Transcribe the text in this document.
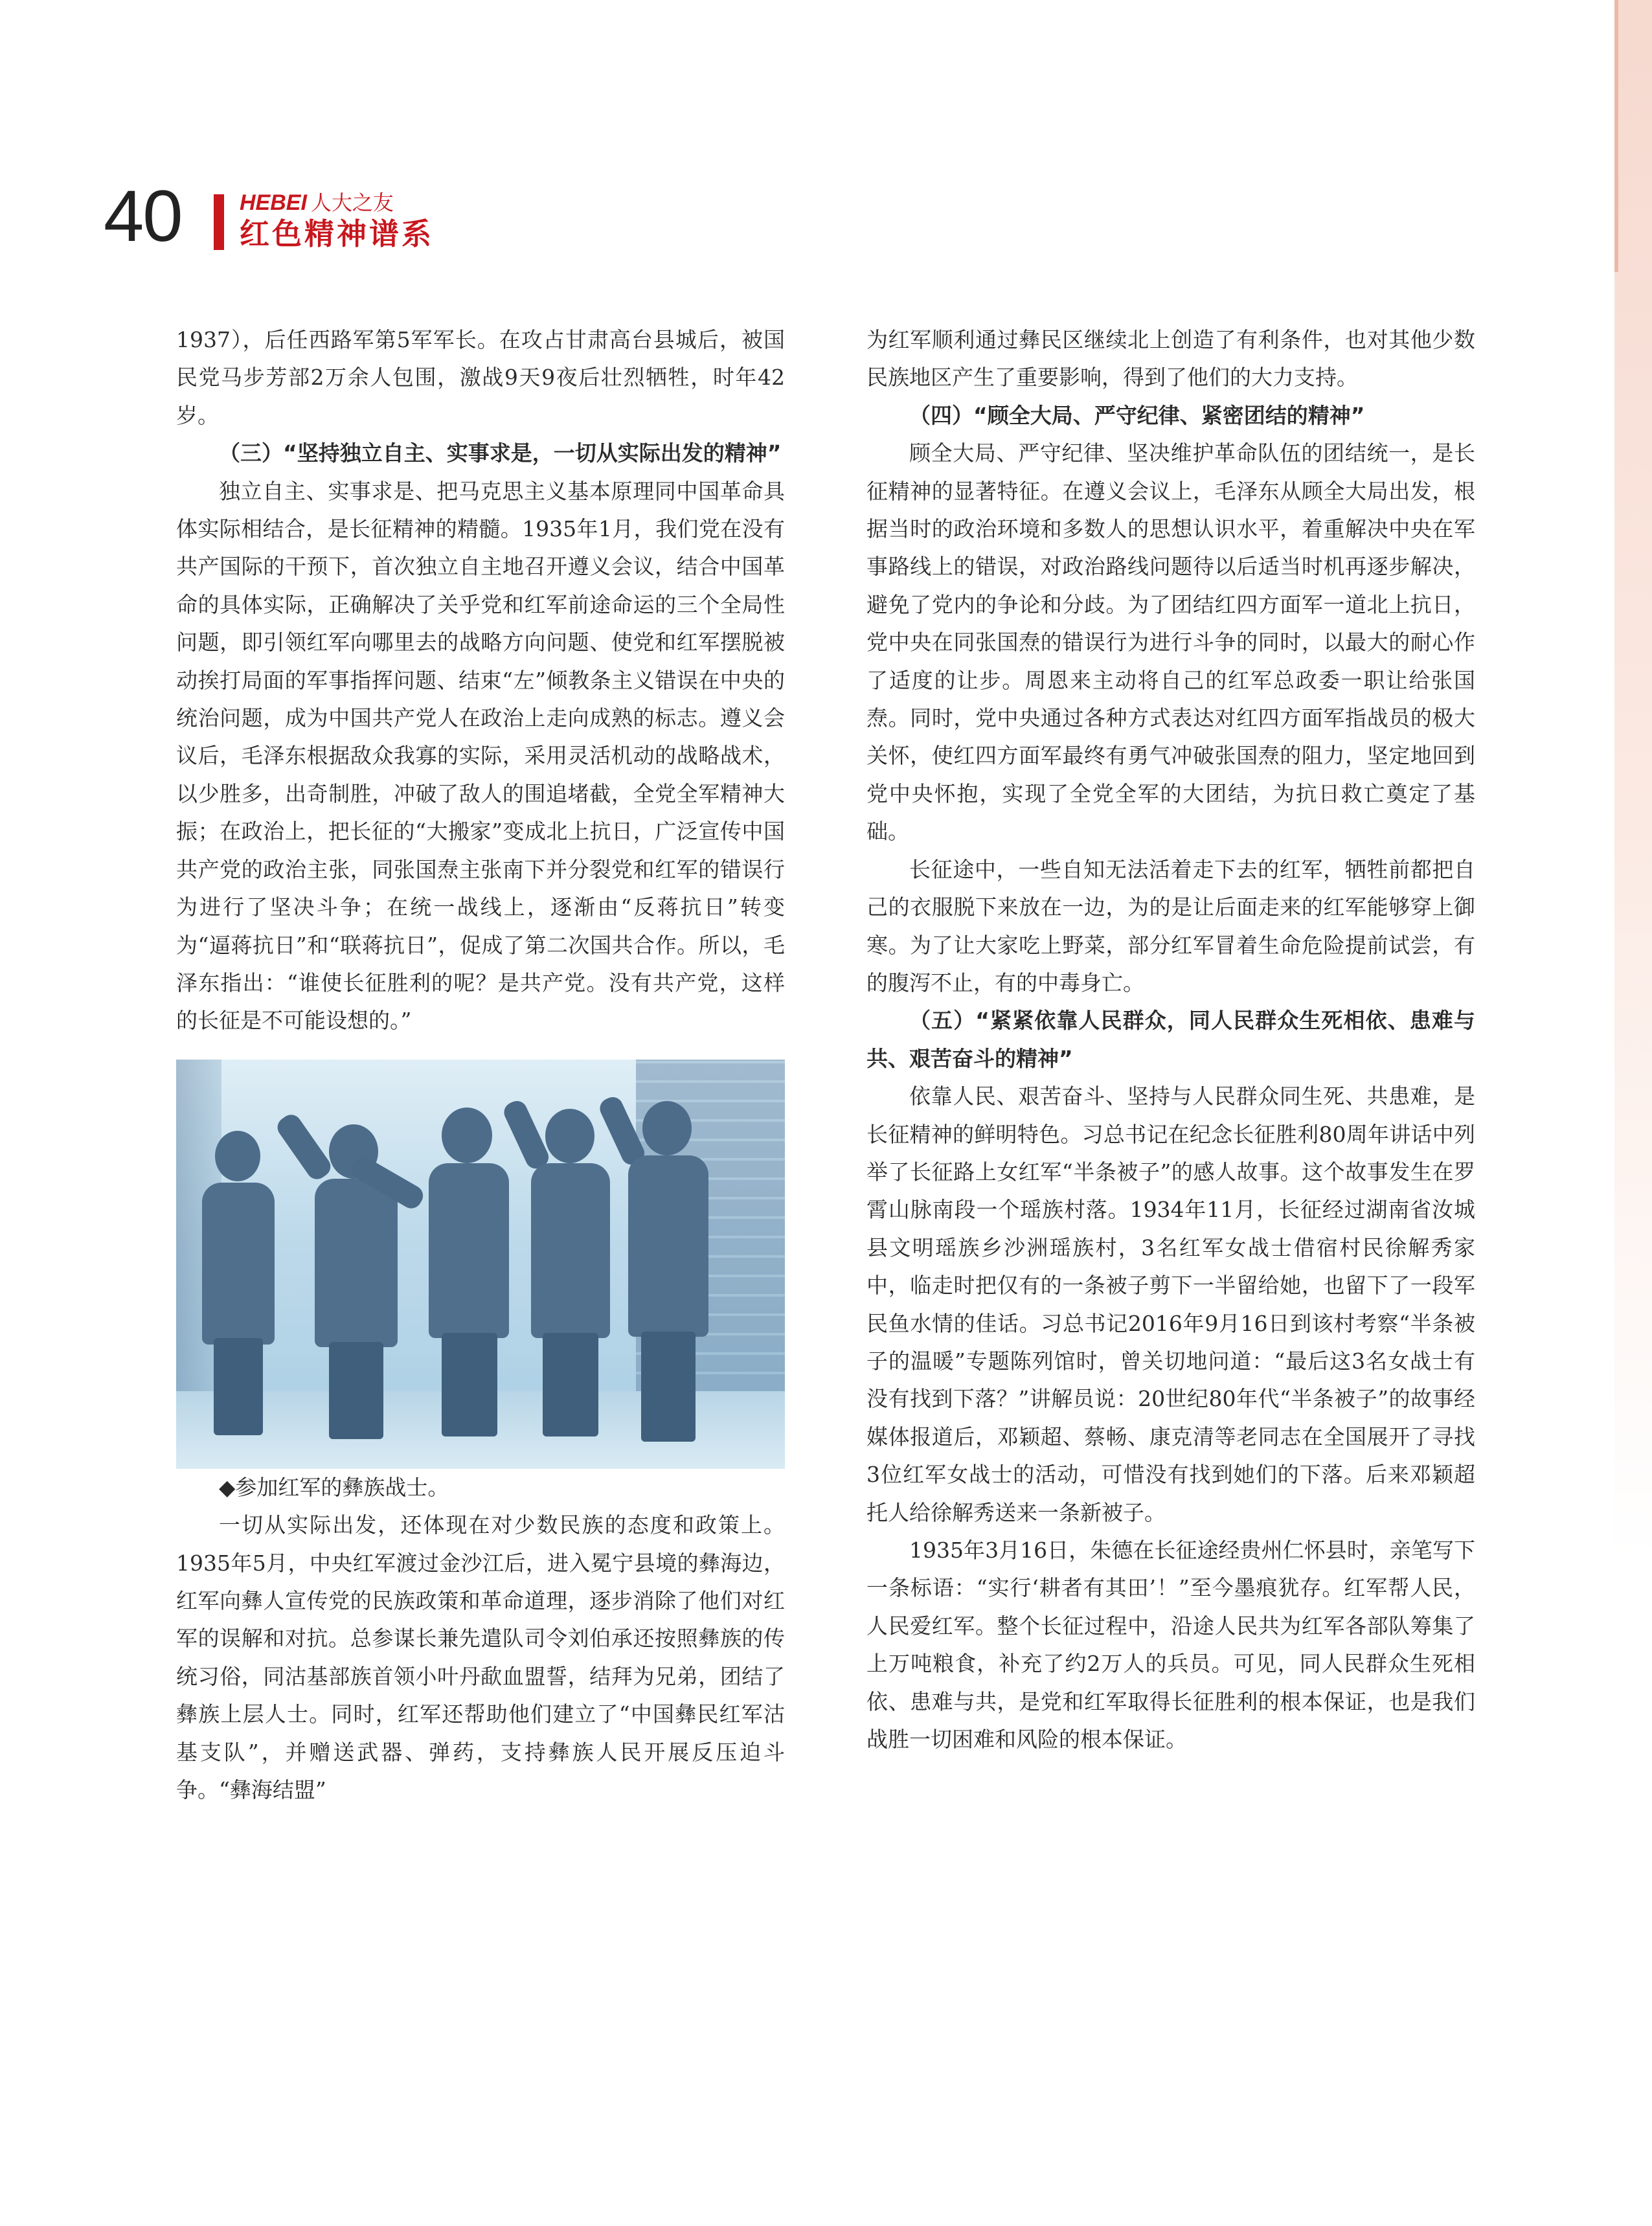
40	HEBEI 人大之友
红色精神谱系

1937），后任西路军第5军军长。在攻占甘肃高台县城后，被国民党马步芳部2万余人包围，激战9天9夜后壮烈牺牲，时年42岁。

（三）“坚持独立自主、实事求是，一切从实际出发的精神”

独立自主、实事求是、把马克思主义基本原理同中国革命具体实际相结合，是长征精神的精髓。1935年1月，我们党在没有共产国际的干预下，首次独立自主地召开遵义会议，结合中国革命的具体实际，正确解决了关乎党和红军前途命运的三个全局性问题，即引领红军向哪里去的战略方向问题、使党和红军摆脱被动挨打局面的军事指挥问题、结束“左”倾教条主义错误在中央的统治问题，成为中国共产党人在政治上走向成熟的标志。遵义会议后，毛泽东根据敌众我寡的实际，采用灵活机动的战略战术，以少胜多，出奇制胜，冲破了敌人的围追堵截，全党全军精神大振；在政治上，把长征的“大搬家”变成北上抗日，广泛宣传中国共产党的政治主张，同张国焘主张南下并分裂党和红军的错误行为进行了坚决斗争；在统一战线上，逐渐由“反蒋抗日”转变为“逼蒋抗日”和“联蒋抗日”，促成了第二次国共合作。所以，毛泽东指出：“谁使长征胜利的呢？是共产党。没有共产党，这样的长征是不可能设想的。”

◆参加红军的彝族战士。

一切从实际出发，还体现在对少数民族的态度和政策上。1935年5月，中央红军渡过金沙江后，进入冕宁县境的彝海边，红军向彝人宣传党的民族政策和革命道理，逐步消除了他们对红军的误解和对抗。总参谋长兼先遣队司令刘伯承还按照彝族的传统习俗，同沽基部族首领小叶丹歃血盟誓，结拜为兄弟，团结了彝族上层人士。同时，红军还帮助他们建立了“中国彝民红军沽基支队”，并赠送武器、弹药，支持彝族人民开展反压迫斗争。“彝海结盟”

为红军顺利通过彝民区继续北上创造了有利条件，也对其他少数民族地区产生了重要影响，得到了他们的大力支持。

（四）“顾全大局、严守纪律、紧密团结的精神”

顾全大局、严守纪律、坚决维护革命队伍的团结统一，是长征精神的显著特征。在遵义会议上，毛泽东从顾全大局出发，根据当时的政治环境和多数人的思想认识水平，着重解决中央在军事路线上的错误，对政治路线问题待以后适当时机再逐步解决，避免了党内的争论和分歧。为了团结红四方面军一道北上抗日，党中央在同张国焘的错误行为进行斗争的同时，以最大的耐心作了适度的让步。周恩来主动将自己的红军总政委一职让给张国焘。同时，党中央通过各种方式表达对红四方面军指战员的极大关怀，使红四方面军最终有勇气冲破张国焘的阻力，坚定地回到党中央怀抱，实现了全党全军的大团结，为抗日救亡奠定了基础。

长征途中，一些自知无法活着走下去的红军，牺牲前都把自己的衣服脱下来放在一边，为的是让后面走来的红军能够穿上御寒。为了让大家吃上野菜，部分红军冒着生命危险提前试尝，有的腹泻不止，有的中毒身亡。

（五）“紧紧依靠人民群众，同人民群众生死相依、患难与共、艰苦奋斗的精神”

依靠人民、艰苦奋斗、坚持与人民群众同生死、共患难，是长征精神的鲜明特色。习总书记在纪念长征胜利80周年讲话中列举了长征路上女红军“半条被子”的感人故事。这个故事发生在罗霄山脉南段一个瑶族村落。1934年11月，长征经过湖南省汝城县文明瑶族乡沙洲瑶族村，3名红军女战士借宿村民徐解秀家中，临走时把仅有的一条被子剪下一半留给她，也留下了一段军民鱼水情的佳话。习总书记2016年9月16日到该村考察“半条被子的温暖”专题陈列馆时，曾关切地问道：“最后这3名女战士有没有找到下落？”讲解员说：20世纪80年代“半条被子”的故事经媒体报道后，邓颖超、蔡畅、康克清等老同志在全国展开了寻找3位红军女战士的活动，可惜没有找到她们的下落。后来邓颖超托人给徐解秀送来一条新被子。

1935年3月16日，朱德在长征途经贵州仁怀县时，亲笔写下一条标语：“实行‘耕者有其田’！”至今墨痕犹存。红军帮人民，人民爱红军。整个长征过程中，沿途人民共为红军各部队筹集了上万吨粮食，补充了约2万人的兵员。可见，同人民群众生死相依、患难与共，是党和红军取得长征胜利的根本保证，也是我们战胜一切困难和风险的根本保证。
